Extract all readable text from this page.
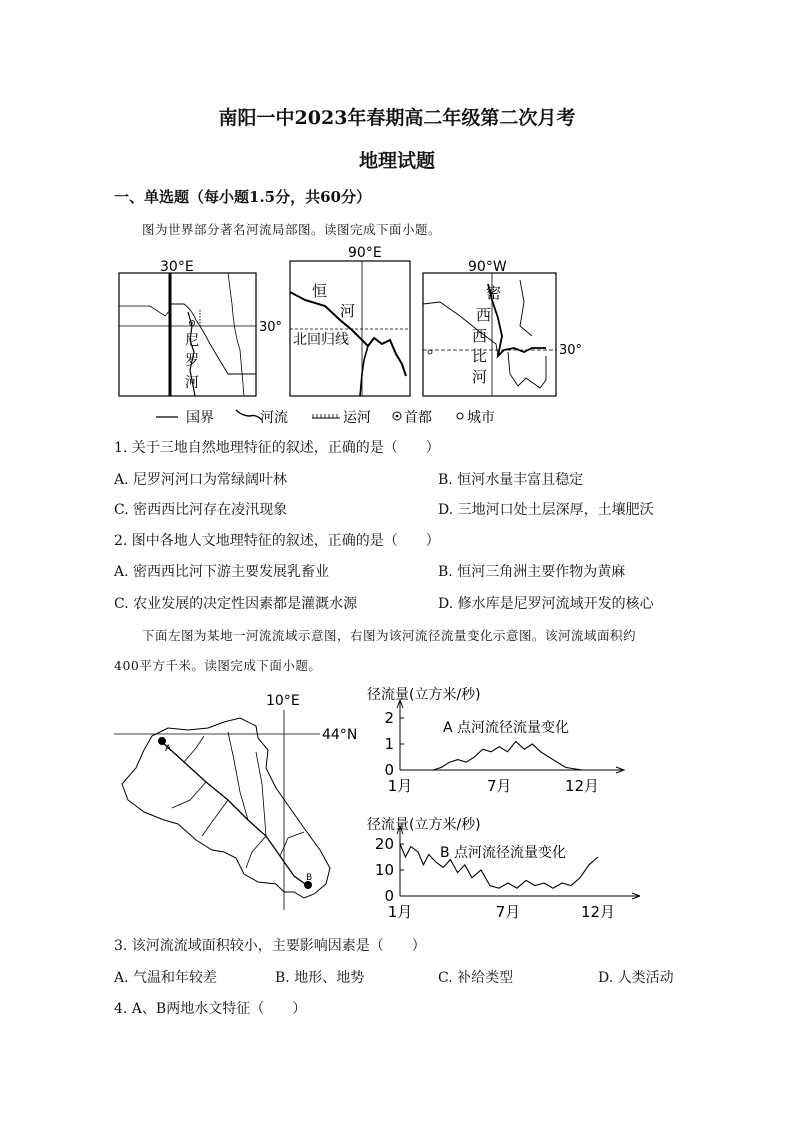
南阳一中2023年春期高二年级第二次月考
地理试题
一、单选题（每小题1.5分，共60分）
图为世界部分著名河流局部图。读图完成下面小题。
30°E
30°
尼
罗
河
90°E
恒
河
北回归线
90°W
30°
密
西
西
比
河
国界	河流	运河 首都	城市
1. 关于三地自然地理特征的叙述，正确的是（　　）
A. 尼罗河河口为常绿阔叶林	B. 恒河水量丰富且稳定
C. 密西西比河存在凌汛现象	D. 三地河口处土层深厚，土壤肥沃
2. 图中各地人文地理特征的叙述，正确的是（　　）
A. 密西西比河下游主要发展乳畜业	B. 恒河三角洲主要作物为黄麻
C. 农业发展的决定性因素都是灌溉水源	D. 修水库是尼罗河流域开发的核心
下面左图为某地一河流流域示意图，右图为该河流径流量变化示意图。该河流域面积约
400平方千米。读图完成下面小题。
10°E
44°N
A
B
径流量(立方米/秒)
A 点河流径流量变化
0
1
2
1月	7月	12月
径流量(立方米/秒)
B 点河流径流量变化
0
10
20
1月	7月	12月
3. 该河流流域面积较小，主要影响因素是（　　）
A. 气温和年较差	B. 地形、地势	C. 补给类型	D. 人类活动
4. A、B两地水文特征（　　）
